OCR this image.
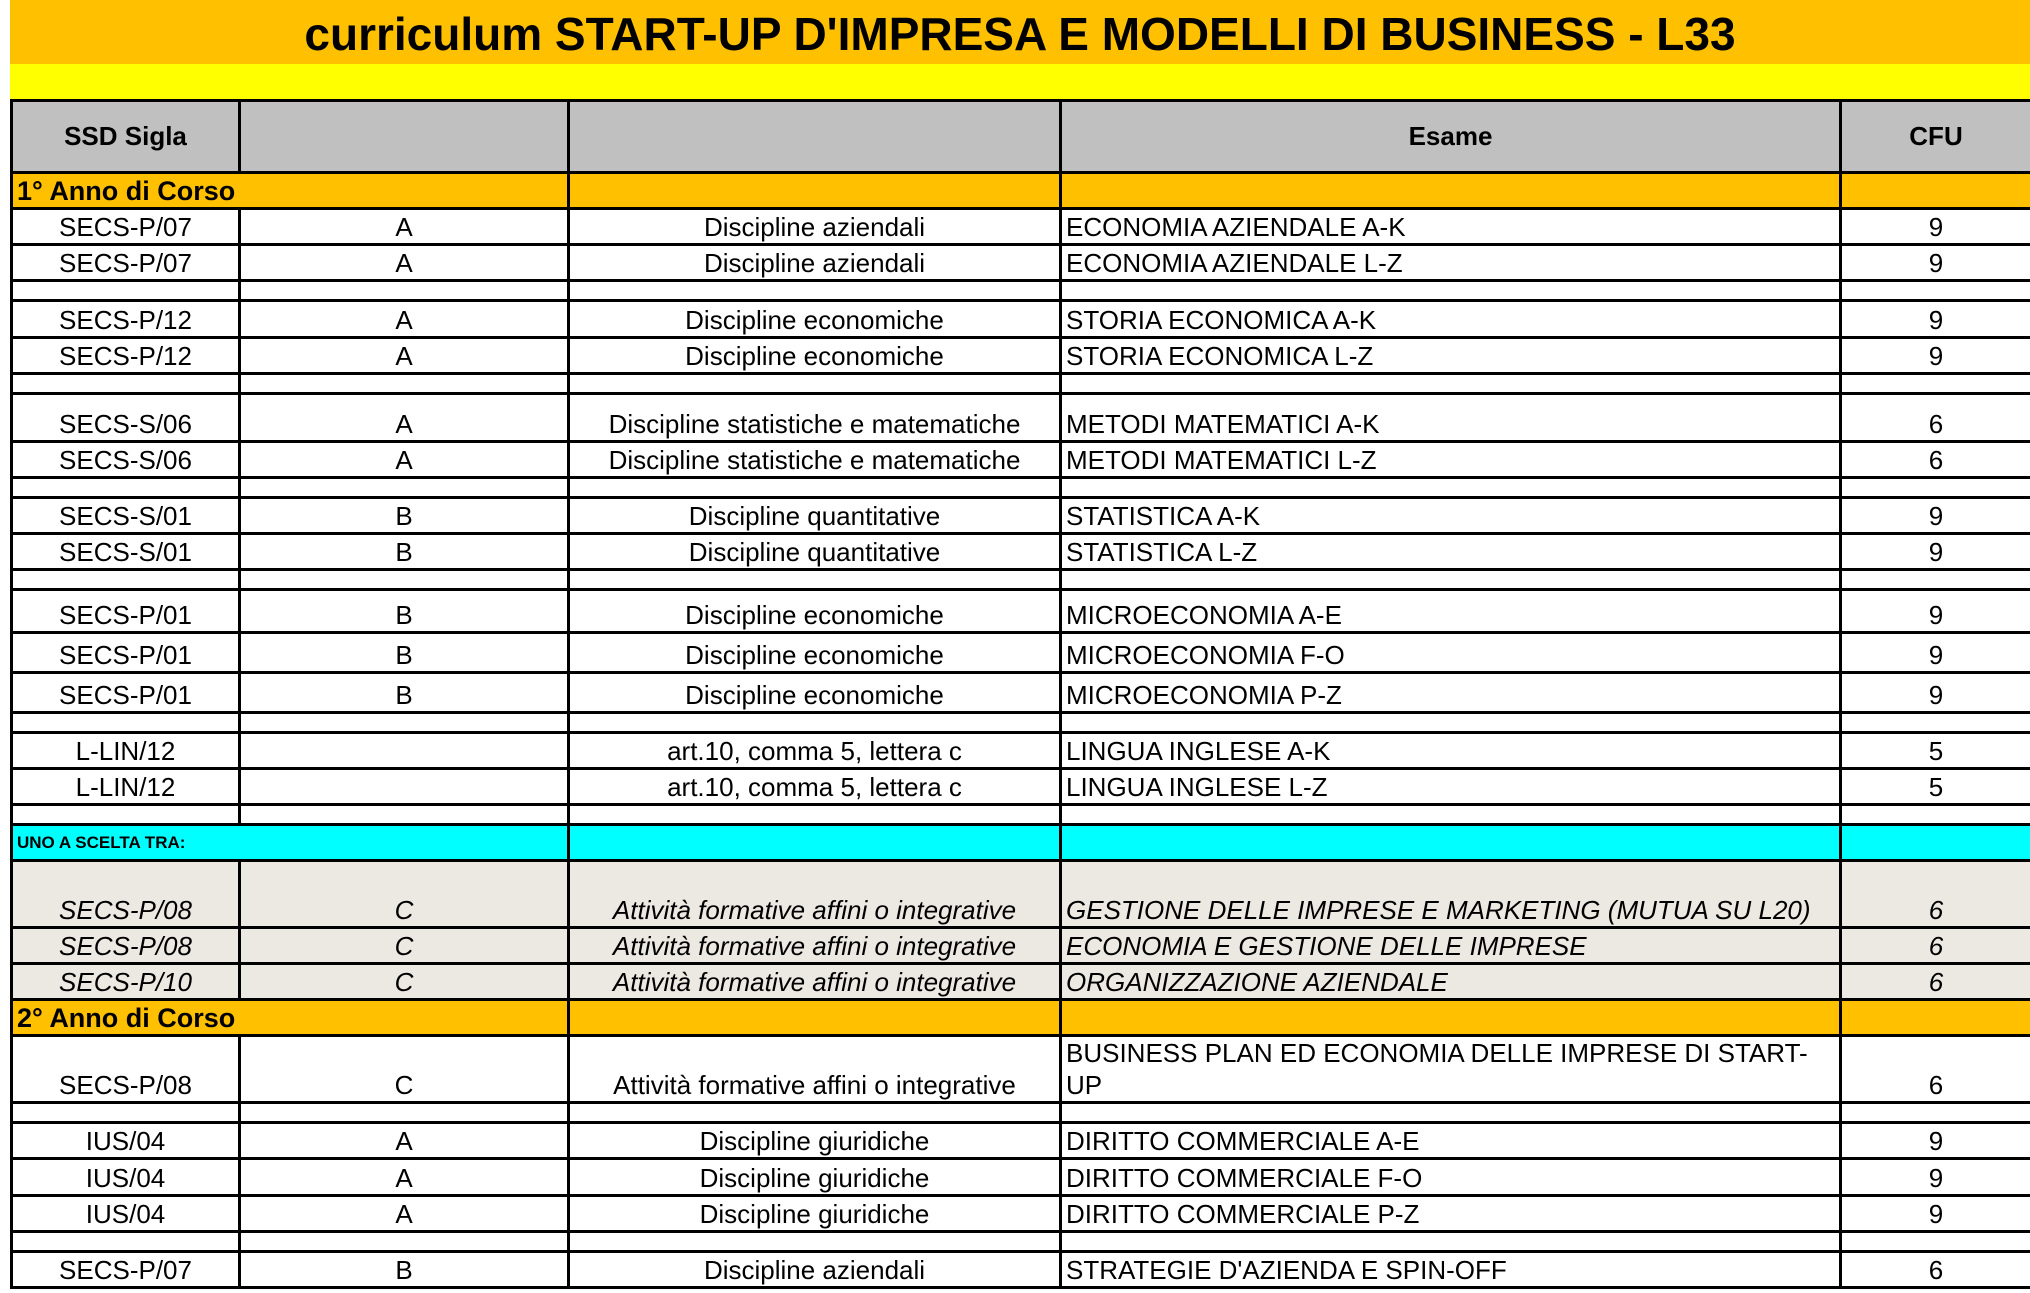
curriculum START-UP D'IMPRESA E MODELLI DI BUSINESS - L33
SSD Sigla			Esame	CFU
1° Anno di Corso				
SECS-P/07	A	Discipline aziendali	ECONOMIA AZIENDALE A-K	9
SECS-P/07	A	Discipline aziendali	ECONOMIA AZIENDALE L-Z	9

SECS-P/12	A	Discipline economiche	STORIA ECONOMICA A-K	9
SECS-P/12	A	Discipline economiche	STORIA ECONOMICA L-Z	9

SECS-S/06	A	Discipline statistiche e matematiche	METODI MATEMATICI A-K	6
SECS-S/06	A	Discipline statistiche e matematiche	METODI MATEMATICI L-Z	6

SECS-S/01	B	Discipline quantitative	STATISTICA A-K	9
SECS-S/01	B	Discipline quantitative	STATISTICA L-Z	9

SECS-P/01	B	Discipline economiche	MICROECONOMIA A-E	9
SECS-P/01	B	Discipline economiche	MICROECONOMIA F-O	9
SECS-P/01	B	Discipline economiche	MICROECONOMIA P-Z	9

L-LIN/12		art.10, comma 5, lettera c	LINGUA INGLESE A-K	5
L-LIN/12		art.10, comma 5, lettera c	LINGUA INGLESE L-Z	5

UNO A SCELTA TRA:				
SECS-P/08	C	Attività formative affini o integrative	GESTIONE DELLE IMPRESE E MARKETING (MUTUA SU L20)	6
SECS-P/08	C	Attività formative affini o integrative	ECONOMIA E GESTIONE DELLE IMPRESE	6
SECS-P/10	C	Attività formative affini o integrative	ORGANIZZAZIONE AZIENDALE	6
2° Anno di Corso				
SECS-P/08	C	Attività formative affini o integrative	BUSINESS PLAN ED ECONOMIA DELLE IMPRESE DI START-UP	6

IUS/04	A	Discipline giuridiche	DIRITTO COMMERCIALE A-E	9
IUS/04	A	Discipline giuridiche	DIRITTO COMMERCIALE F-O	9
IUS/04	A	Discipline giuridiche	DIRITTO COMMERCIALE P-Z	9

SECS-P/07	B	Discipline aziendali	STRATEGIE D'AZIENDA E SPIN-OFF	6
